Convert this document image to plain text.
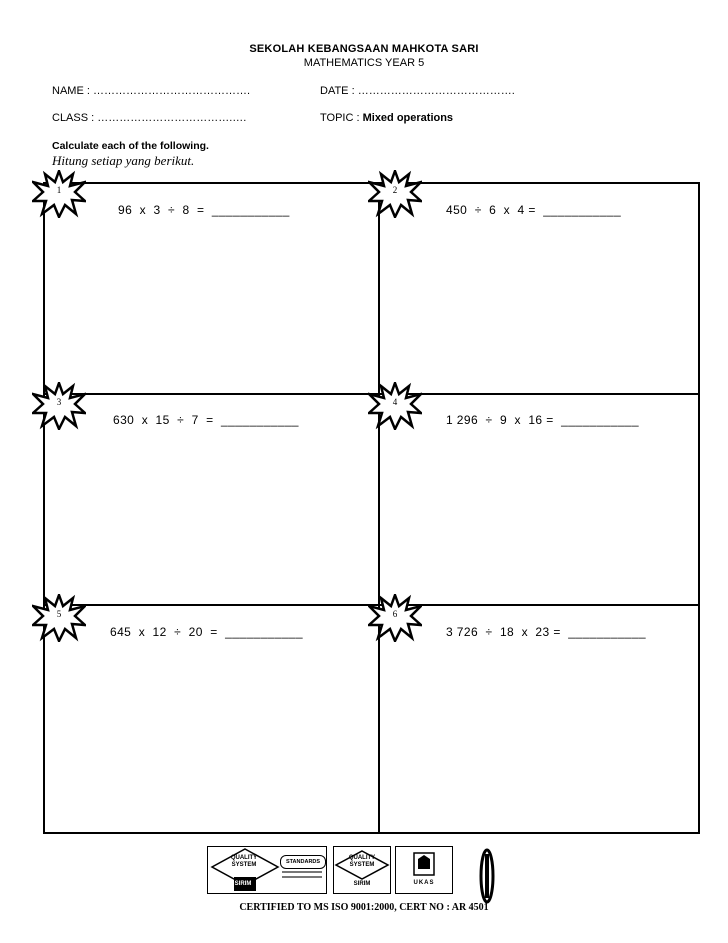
SEKOLAH KEBANGSAAN MAHKOTA SARI
MATHEMATICS YEAR 5
NAME : …………………………………….	DATE : …………………………………….
CLASS : ……………………………….….	TOPIC : Mixed operations
Calculate each of the following.
Hitung setiap yang berikut.
96  x  3  ÷  8  =  ___________	450  ÷  6  x  4 =  ___________
630  x  15  ÷  7  =  ___________	1 296  ÷  9  x  16 =  ___________
645  x  12  ÷  20  =  ___________	3 726  ÷  18  x  23 =  ___________
1	2
3	4
5	6
QUALITY SYSTEM
SIRIM
STANDARDS
QUALITY SYSTEM
SIRIM	UKAS
CERTIFIED TO MS ISO 9001:2000, CERT NO : AR 4501
